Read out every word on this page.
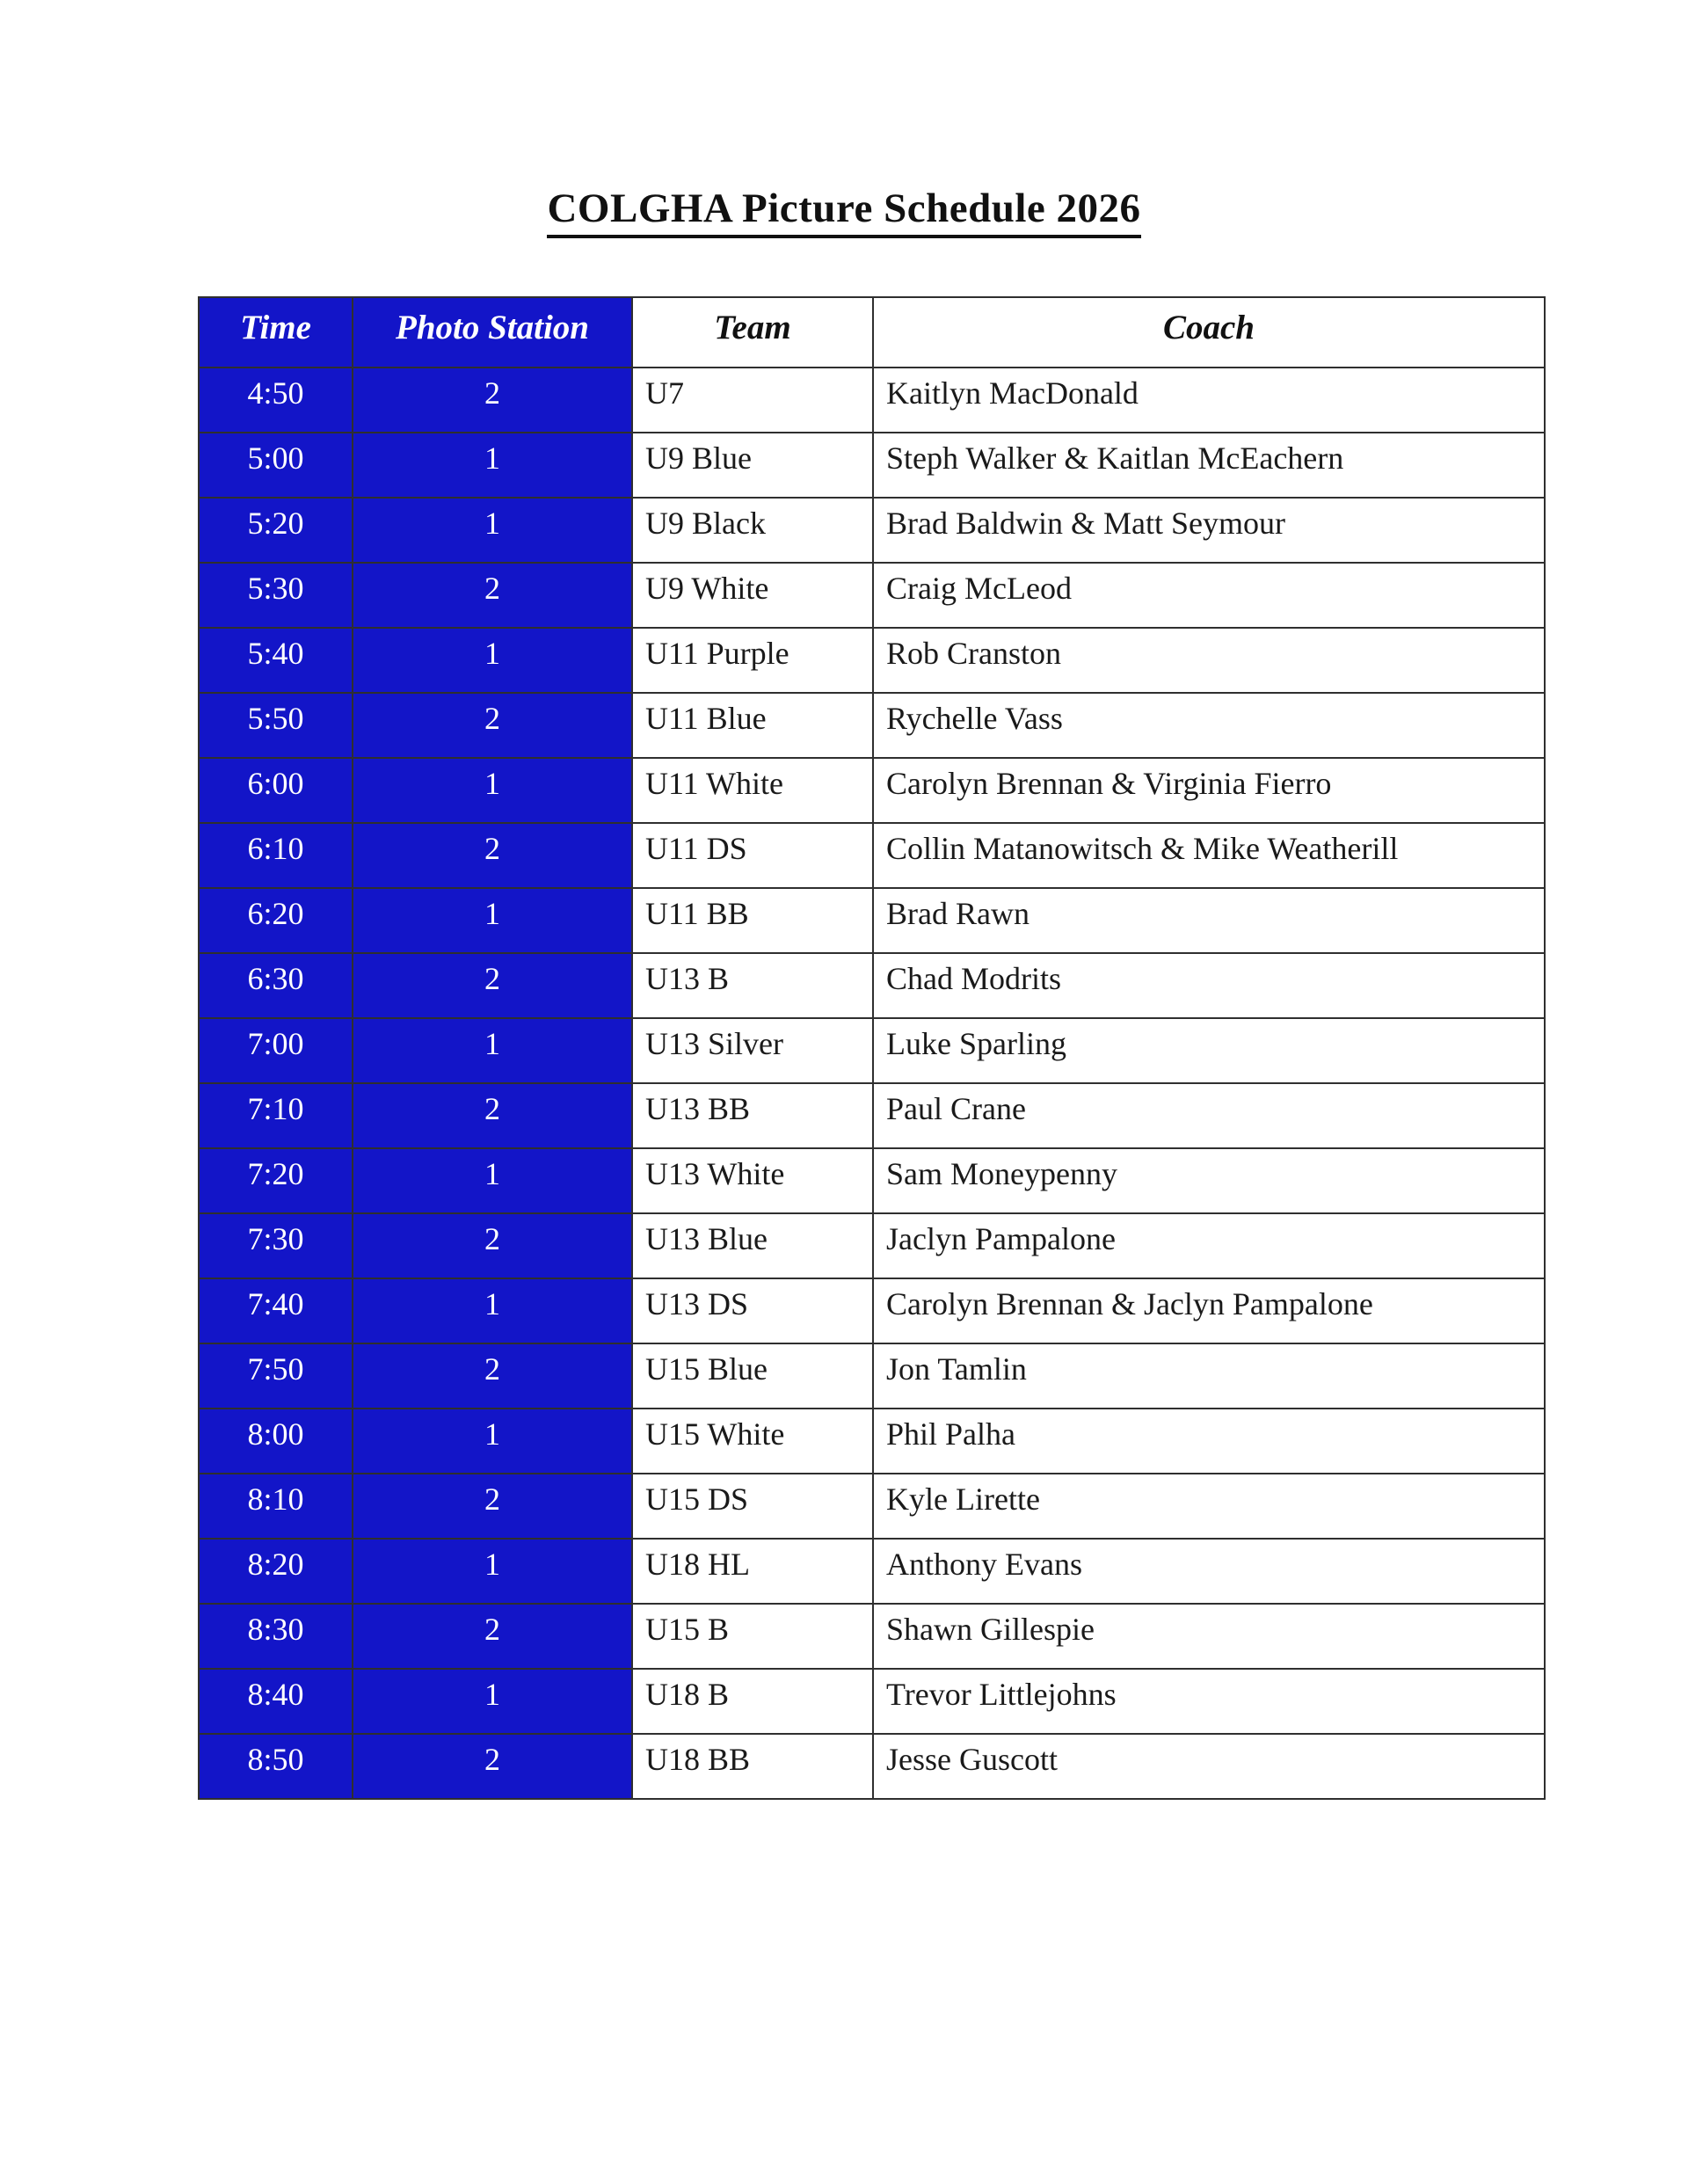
COLGHA Picture Schedule 2026
Time	Photo Station	Team	Coach
4:50	2	U7	Kaitlyn MacDonald
5:00	1	U9 Blue	Steph Walker & Kaitlan McEachern
5:20	1	U9 Black	Brad Baldwin & Matt Seymour
5:30	2	U9 White	Craig McLeod
5:40	1	U11 Purple	Rob Cranston
5:50	2	U11 Blue	Rychelle Vass
6:00	1	U11 White	Carolyn Brennan & Virginia Fierro
6:10	2	U11 DS	Collin Matanowitsch & Mike Weatherill
6:20	1	U11 BB	Brad Rawn
6:30	2	U13 B	Chad Modrits
7:00	1	U13 Silver	Luke Sparling
7:10	2	U13 BB	Paul Crane
7:20	1	U13 White	Sam Moneypenny
7:30	2	U13 Blue	Jaclyn Pampalone
7:40	1	U13 DS	Carolyn Brennan & Jaclyn Pampalone
7:50	2	U15 Blue	Jon Tamlin
8:00	1	U15 White	Phil Palha
8:10	2	U15 DS	Kyle Lirette
8:20	1	U18 HL	Anthony Evans
8:30	2	U15 B	Shawn Gillespie
8:40	1	U18 B	Trevor Littlejohns
8:50	2	U18 BB	Jesse Guscott
